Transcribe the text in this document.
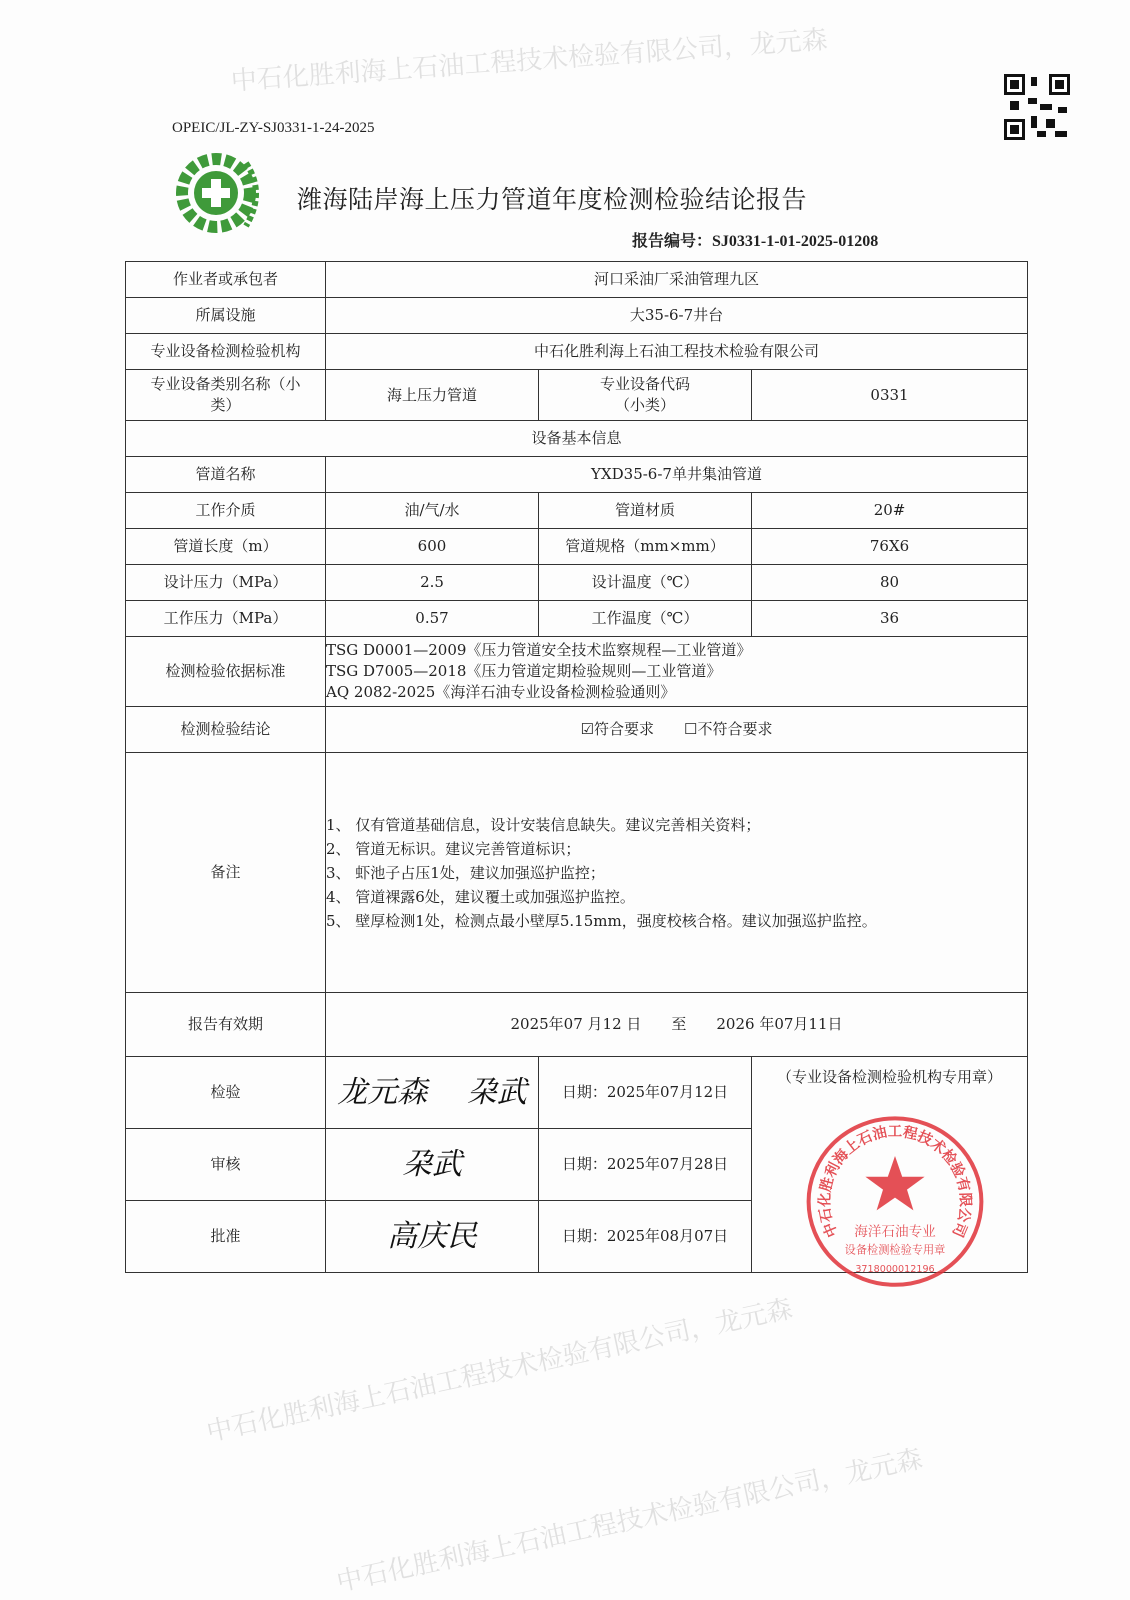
中石化胜利海上石油工程技术检验有限公司，龙元森
中石化胜利海上石油工程技术检验有限公司，龙元森
中石化胜利海上石油工程技术检验有限公司，龙元森
OPEIC/JL-ZY-SJ0331-1-24-2025
潍海陆岸海上压力管道年度检测检验结论报告
报告编号：SJ0331-1-01-2025-01208
作业者或承包者	河口采油厂采油管理九区		
所属设施	大35-6-7井台		
专业设备检测检验机构	中石化胜利海上石油工程技术检验有限公司		
专业设备类别名称（小类）	海上压力管道	专业设备代码（小类）	0331
设备基本信息			
管道名称	YXD35-6-7单井集油管道		
工作介质	油/气/水	管道材质	20#
管道长度（m）	600	管道规格（mm×mm）	76X6
设计压力（MPa）	2.5	设计温度（℃）	80
工作压力（MPa）	0.57	工作温度（℃）	36
检测检验依据标准	TSG D0001—2009《压力管道安全技术监察规程—工业管道》
TSG D7005—2018《压力管道定期检验规则—工业管道》
AQ 2082-2025《海洋石油专业设备检测检验通则》		

检测检验结论	☑符合要求   ☐不符合要求		
备注	1、 仅有管道基础信息，设计安装信息缺失。建议完善相关资料；
2、 管道无标识。建议完善管道标识；
3、 虾池子占压1处，建议加强巡护监控；
4、 管道裸露6处，建议覆土或加强巡护监控。
5、 壁厚检测1处，检测点最小壁厚5.15mm，强度校核合格。建议加强巡护监控。		

报告有效期	2025年07 月12 日　　至　　2026 年07月11日		
检验	龙元森　 朶武	日期：2025年07月12日	（专业设备检测检验机构专用章）
审核	朶武	日期：2025年07月28日	
批准	高庆民	日期：2025年08月07日		中石化胜利海上石油工程技术检验有限公司
海洋石油专业
设备检测检验专用章
3718000012196
